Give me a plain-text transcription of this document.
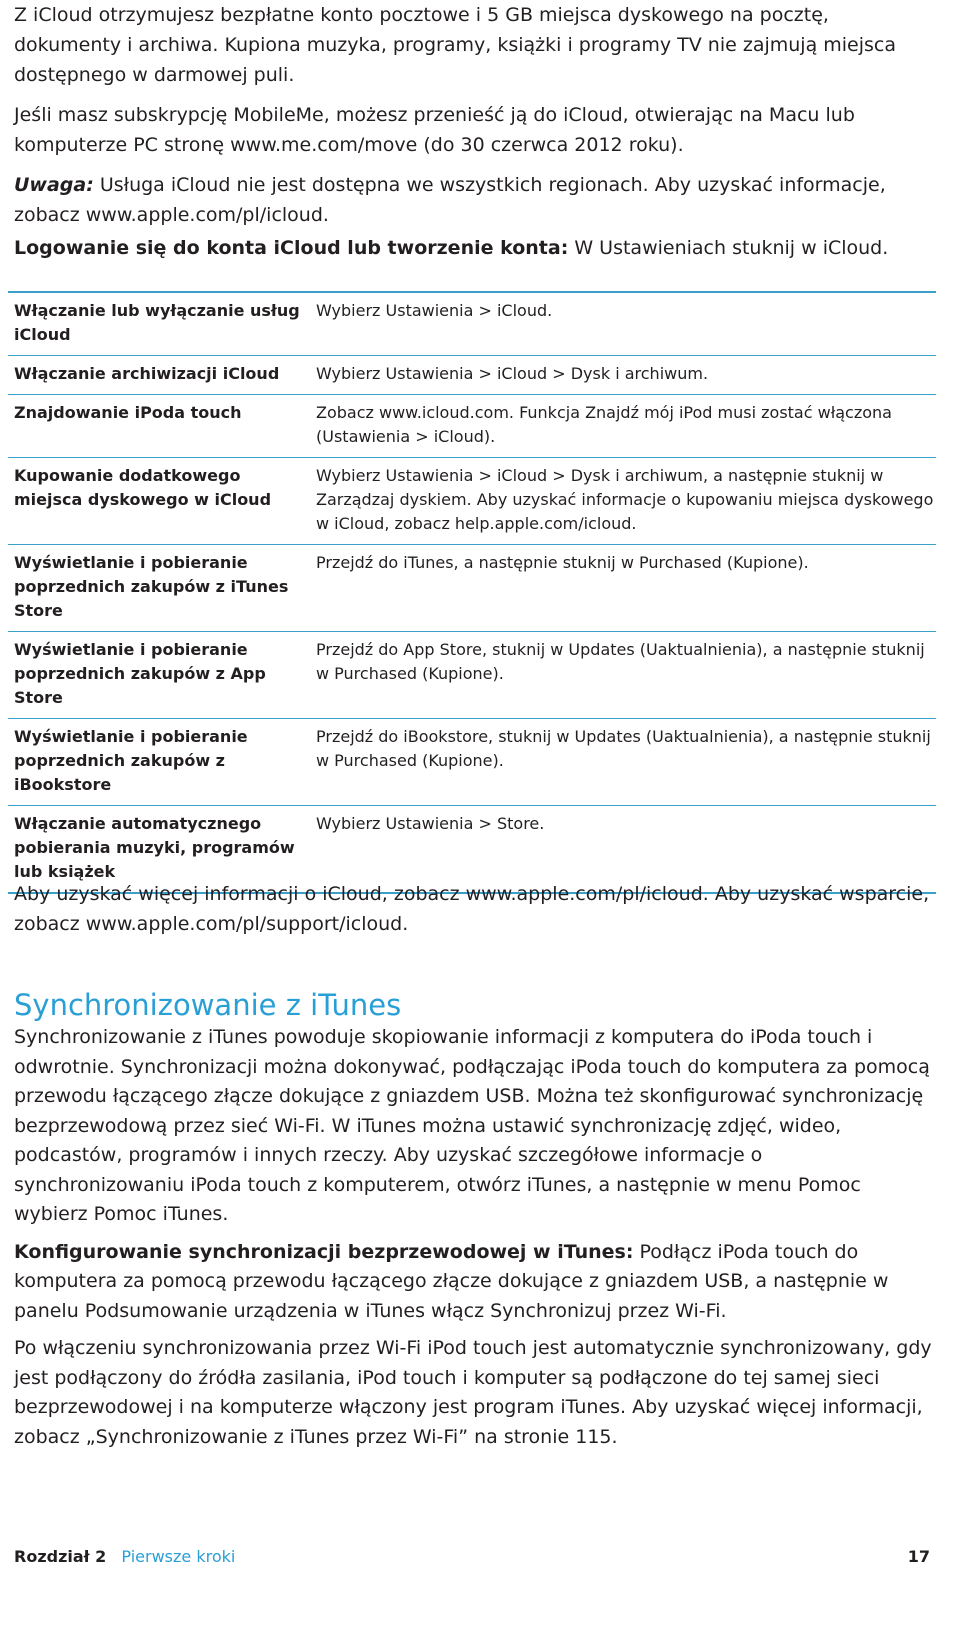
Z iCloud otrzymujesz bezpłatne konto pocztowe i 5 GB miejsca dyskowego na pocztę, dokumenty i archiwa. Kupiona muzyka, programy, książki i programy TV nie zajmują miejsca dostępnego w darmowej puli.

Jeśli masz subskrypcję MobileMe, możesz przenieść ją do iCloud, otwierając na Macu lub komputerze PC stronę www.me.com/move (do 30 czerwca 2012 roku).

Uwaga: Usługa iCloud nie jest dostępna we wszystkich regionach. Aby uzyskać informacje, zobacz www.apple.com/pl/icloud.

Logowanie się do konta iCloud lub tworzenie konta: W Ustawieniach stuknij w iCloud.

Włączanie lub wyłączanie usług iCloud	Wybierz Ustawienia > iCloud.
Włączanie archiwizacji iCloud	Wybierz Ustawienia > iCloud > Dysk i archiwum.
Znajdowanie iPoda touch	Zobacz www.icloud.com. Funkcja Znajdź mój iPod musi zostać włączona (Ustawienia > iCloud).
Kupowanie dodatkowego miejsca dyskowego w iCloud	Wybierz Ustawienia > iCloud > Dysk i archiwum, a następnie stuknij w Zarządzaj dyskiem. Aby uzyskać informacje o kupowaniu miejsca dyskowego w iCloud, zobacz help.apple.com/icloud.
Wyświetlanie i pobieranie poprzednich zakupów z iTunes Store	Przejdź do iTunes, a następnie stuknij w Purchased (Kupione).
Wyświetlanie i pobieranie poprzednich zakupów z App Store	Przejdź do App Store, stuknij w Updates (Uaktualnienia), a następnie stuknij w Purchased (Kupione).
Wyświetlanie i pobieranie poprzednich zakupów z iBookstore	Przejdź do iBookstore, stuknij w Updates (Uaktualnienia), a następnie stuknij w Purchased (Kupione).
Włączanie automatycznego pobierania muzyki, programów lub książek	Wybierz Ustawienia > Store.

Aby uzyskać więcej informacji o iCloud, zobacz www.apple.com/pl/icloud. Aby uzyskać wsparcie, zobacz www.apple.com/pl/support/icloud.

Synchronizowanie z iTunes

Synchronizowanie z iTunes powoduje skopiowanie informacji z komputera do iPoda touch i odwrotnie. Synchronizacji można dokonywać, podłączając iPoda touch do komputera za pomocą przewodu łączącego złącze dokujące z gniazdem USB. Można też skonfigurować synchronizację bezprzewodową przez sieć Wi-Fi. W iTunes można ustawić synchronizację zdjęć, wideo, podcastów, programów i innych rzeczy. Aby uzyskać szczegółowe informacje o synchronizowaniu iPoda touch z komputerem, otwórz iTunes, a następnie w menu Pomoc wybierz Pomoc iTunes.

Konfigurowanie synchronizacji bezprzewodowej w iTunes: Podłącz iPoda touch do komputera za pomocą przewodu łączącego złącze dokujące z gniazdem USB, a następnie w panelu Podsumowanie urządzenia w iTunes włącz Synchronizuj przez Wi-Fi.

Po włączeniu synchronizowania przez Wi-Fi iPod touch jest automatycznie synchronizowany, gdy jest podłączony do źródła zasilania, iPod touch i komputer są podłączone do tej samej sieci bezprzewodowej i na komputerze włączony jest program iTunes. Aby uzyskać więcej informacji, zobacz „Synchronizowanie z iTunes przez Wi-Fi” na stronie 115.

Rozdział 2 Pierwsze kroki	17
